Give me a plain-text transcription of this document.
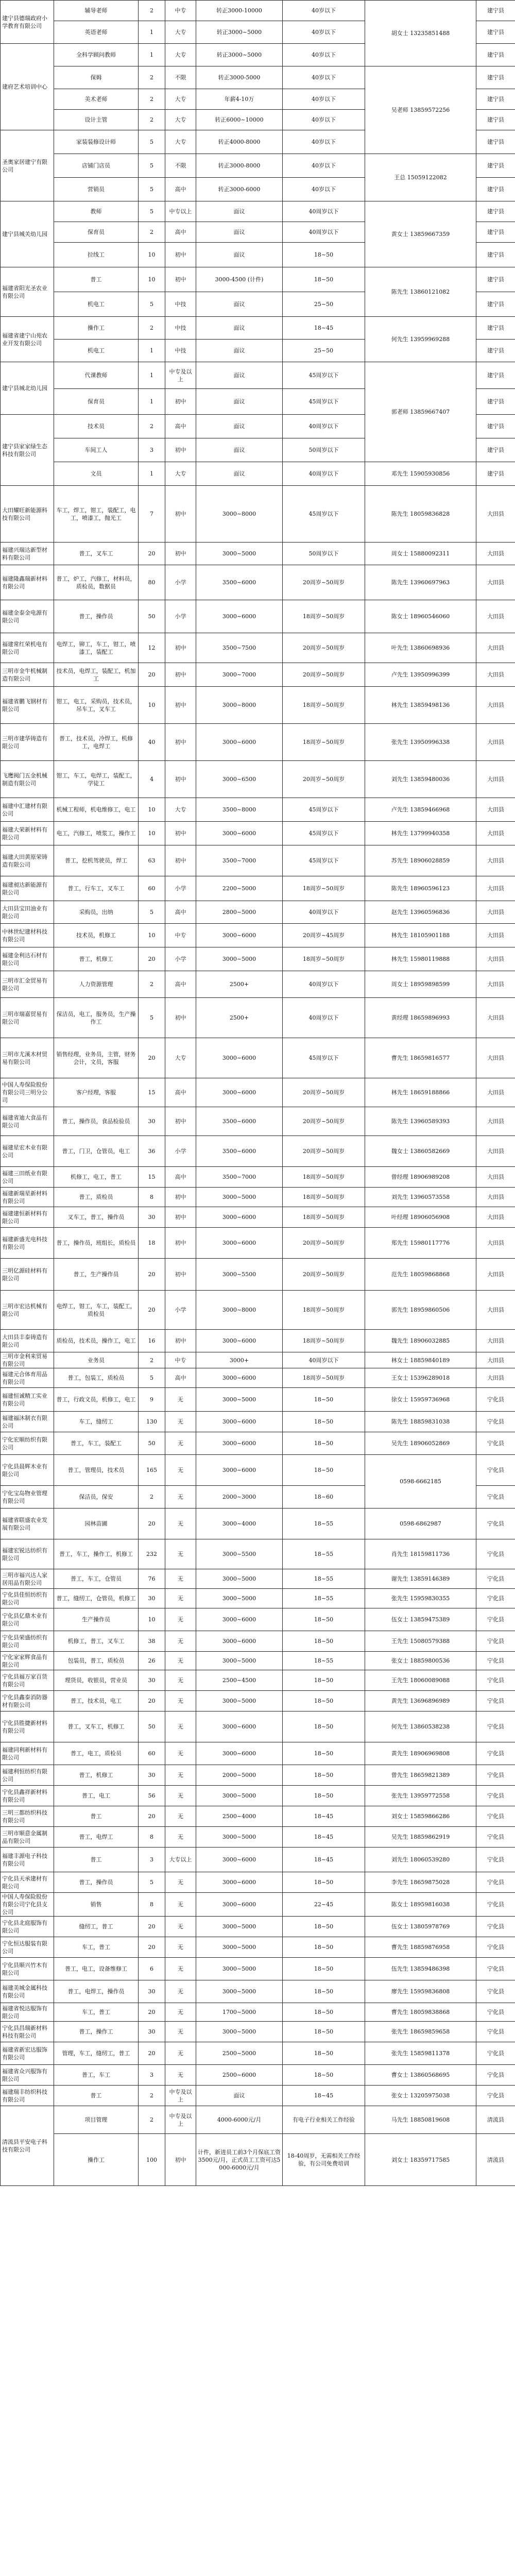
建宁县德瑞政府小学教育有限公司	辅导老师	2	中专	转正3000-10000	40岁以下	胡女士 13235851488	建宁县
	英语老师	1	大专	转正3000~5000	40岁以下		建宁县
建府艺术培训中心	全科学顾问教师	1	大专	转正3000~5000	40岁以下		建宁县
	保姆	2	不限	转正3000-5000	40岁以下	吴老师 13859572256	建宁县
	美术老师	2	大专	年薪4-10万	40岁以下		建宁县
	设计主管	2	大专	转正6000~10000	40岁以下		建宁县
圣奥家居建宁有限公司	家装装修设计师	5	大专	转正4000-8000	40岁以下		建宁县
	店铺门店员	5	不限	转正3000-8000	40岁以下	王总 15059122082	建宁县
	营销员	5	高中	转正3000-6000	40岁以下		建宁县
建宁县城关幼儿园	教师	5	中专以上	面议	40周岁以下	黄女士 13859667359	建宁县
	保育员	2	高中	面议	40周岁以下		建宁县
	拉线工	10	初中	面议	18~50		建宁县
福建省阳光圣农业有限公司	普工	10	初中	3000-4500 (计件)	18~50	陈先生 13860121082	建宁县
	机电工	5	中技	面议	25~50		建宁县
福建省建宁山苑农业开发有限公司	操作工	2	中技	面议	18~45	何先生 13959969288	建宁县
	机电工	1	中技	面议	25~50		建宁县
建宁县城北幼儿园	代课教师	1	中专及以上	面议	45周岁以下	郭老师 13859667407	建宁县
	保育员	1	初中	面议	45周岁以下		建宁县
建宁县家家绿生态科技有限公司	技术员	2	高中	面议	40周岁以下		建宁县
	车间工人	3	初中	面议	50周岁以下		建宁县
	文员	1	大专	面议	40周岁以下	邓先生 15905930856	建宁县
大田耀旺新能源科技有限公司	车工，焊工，钳工，装配工，电工，喷漆工，抛光工	7	初中	3000~8000	45周岁以下	陈先生 18059836828	大田县
福建兴瑞达新型材料有限公司	普工，叉车工	20	初中	3000~5000	50周岁以下	周女士 15880092311	大田县
福建隆鑫瑞新材料有限公司	普工，炉工，汽修工，材料员，质检员，数据员	80	小学	3500~6000	20周岁~50周岁	陈先生 13960697963	大田县
福建金泰金电源有限公司	普工，操作员	50	小学	3000~6000	18周岁~50周岁	陈女士 18960546060	大田县
福建常红荣机电有限公司	电焊工，铆工，车工，钳工，喷漆工，装配工	12	初中	3500~7500	20周岁~50周岁	叶先生 13860698936	大田县
三明市金牛机械制造有限公司	技术员，电焊工，装配工，机加工	20	初中	3000~7000	20周岁~50周岁	卢先生 13950996399	大田县
福建省鹏飞钢材有限公司	钳工，电工，采购员，技术员，吊车工，叉车工	10	初中	3000~8000	18周岁~50周岁	林先生 13859498136	大田县
三明市建华铸造有限公司	普工，技术员，冷焊工，机修工，电焊工	40	初中	3000~6000	18周岁~50周岁	张先生 13950996338	大田县
飞鹰阀门五金机械制造有限公司	钳工，车工，电焊工，装配工，学徒工	4	初中	3000~6500	20周岁~50周岁	刘先生 13859480036	大田县
福建中汇建材有限公司	机械工程师，机电维修工，电工	10	大专	3500~8000	45周岁以下	卢先生 13859466968	大田县
福建大荣新材料有限公司	电工，汽修工，喷浆工，操作工	10	初中	3000~6000	45周岁以下	林先生 13799940358	大田县
福建大田黄原荣铸造有限公司	普工，挖机驾驶员，焊工	63	初中	3500~7000	45周岁以下	苏先生 18906028859	大田县
福建昶达新能源有限公司	普工，行车工，叉车工	60	小学	2200~5000	18周岁~50周岁	陈先生 18960596123	大田县
大田县宝田油业有限公司	采购员，出纳	5	高中	2800~5000	40周岁以下	赵先生 13960596836	大田县
中林世纪建材科技有限公司	技术员，机修工	10	中专	3000~6000	20周岁~45周岁	林先生 18105901188	大田县
福建金利达石材有限公司	普工，机修工	20	小学	3000~5000	18周岁~50周岁	林先生 15980119888	大田县
三明市汇金贸易有限公司	人力资源管理	2	高中	2500+	40周岁以下	周女士 18959898599	大田县
三明市瑞嘉贸易有限公司	保洁员，电工，服务员，生产操作工	5	初中	2500+	40周岁以下	黄经理 18659896993	大田县
三明市尤溪木材贸易有限公司	销售经理，业务员，主管，财务会计，文员，客服	20	大专	3000~6000	45周岁以下	曹先生 18659816577	大田县
中国人寿保险股份有限公司三明分公司	客户经理，客服	15	高中	3000~6000	20周岁~50周岁	林先生 18659188866	大田县
福建省迪大食品有限公司	普工，操作员，食品检验员	30	初中	3500~6000	20周岁~50周岁	陈先生 13960589393	大田县
福建星宏木业有限公司	普工，门卫，仓管员，电工	36	小学	3500~6000	20周岁~50周岁	魏女士 13860582669	大田县
福建三田纸业有限公司	机修工，电工，普工	15	高中	3500~7000	18周岁~50周岁	曾经理 18906989208	大田县
福建新瑞星新材料有限公司	普工，质检员	8	初中	3000~5000	18周岁~50周岁	刘先生 13960573558	大田县
福建建恒新材料有限公司	叉车工，普工，操作员	30	初中	3000~6000	18周岁~50周岁	叶经理 18906056908	大田县
福建新盛光电科技有限公司	普工，操作员，班组长，质检员	18	初中	3000~6000	20周岁~50周岁	郑先生 15980117776	大田县
三明亿源硅材料有限公司	普工，生产操作员	20	初中	3000~5500	20周岁~50周岁	范先生 18059868868	大田县
三明市宏达机械有限公司	电焊工，钳工，车工，装配工，质检员	20	小学	3000~8000	18周岁~50周岁	郭先生 18959860506	大田县
大田县丰泰铸造有限公司	质检员，技术员，操作工，电工	16	初中	3000~6000	18周岁~50周岁	魏先生 18906032885	大田县
三明市金利来贸易有限公司	业务员	2	中专	3000+	40周岁以下	林女士 18859840189	大田县
福建元合体育用品有限公司	普工，包装工，质检员	5	高中	3000~6000	18周岁~50周岁	王女士 15396289018	大田县
福建恒诚精工实业有限公司	普工，行政文员，机修工，电工	9	无	3000~5000	18~50	徐女士 15959736968	宁化县
福建福沐制衣有限公司	车工，缝纫工	130	无	3000~6000	18~50	陈先生 18859831038	宁化县
宁化宏顺纺织有限公司	普工，车工，装配工	50	无	3000~6000	18~50	吴先生 18906052869	宁化县
宁化县晨辉木业有限公司	普工，管理员，技术员	165	无	3000~6000	18~50	0598-6662185	宁化县
宁化宝岛物业管理有限公司	保洁员，保安	2	无	2000~3000	18~60		宁化县
福建省联盛农业发展有限公司	园林苗圃	20	无	3000~4000	18~55	0598-6862987	宁化县
福建宏锐达纺织有限公司	普工，车工，操作工，机修工	232	无	3000~5500	18~55	肖先生 18159811736	宁化县
三明市福兴达人家居用品有限公司	普工，车工，仓管员	76	无	3000~5000	18~55	谢先生 13859146389	宁化县
宁化县佳恒纺织有限公司	普工，缝纫工，仓管员，机修工	30	无	3000~5000	18~55	张先生 15959830355	宁化县
宁化县亿鼎木业有限公司	生产操作员	10	无	3000~6000	18~50	伍女士 13859475389	宁化县
宁化县荣盛纺织有限公司	机修工，普工，叉车工	38	无	3000~6000	18~50	王先生 15080579388	宁化县
宁化家家辉食品有限公司	包装员，普工，质检员	26	无	3000~5000	18~55	张女士 18859800536	宁化县
宁化县福万家百货有限公司	理货员，收银员，营业员	30	无	2500~4500	18~50	王先生 18060089088	宁化县
宁化县鑫泰消防器材有限公司	普工，技术员，电工	20	无	3000~5000	18~50	黄先生 13696896989	宁化县
宁化县胜捷新材料有限公司	普工，叉车工，机修工	50	无	3000~6000	18~50	何先生 13860538238	宁化县
福建同利新材料有限公司	普工，电工，质检员	60	无	3000~6000	18~50	黄先生 18906969808	宁化县
福建利恒纺织有限公司	普工，机修工	30	无	2000~5000	18~50	曾先生 18659821389	宁化县
宁化县鑫祥新材料有限公司	普工，电工	56	无	3000~5000	18~50	张先生 13959772558	宁化县
三明三都纺织科技有限公司	普工	20	无	2500~4000	18~45	刘女士 15859866286	宁化县
三明市顺意金属制品有限公司	普工，电焊工	8	无	3000~5000	18~45	吴先生 18859862919	宁化县
福建丰源电子科技有限公司	普工	3	大专以上	3000~6000	18~45	刘先生 18060539280	宁化县
宁化县天承建材有限公司	普工，操作员	5	无	3000~6000	18~50	李先生 18659875028	宁化县
中国人寿保险股份有限公司宁化县支公司	销售	8	无	3000~6000	22~45	陈女士 18959816038	宁化县
宁化县北庭服饰有限公司	缝纫工，普工	20	无	3000~5000	18~50	伍女士 13805978769	宁化县
宁化恒达服装有限公司	车工，普工	20	无	3000~5000	18~50	曹先生 18859876958	宁化县
宁化县顺兴竹木有限公司	普工，电工，设备维修工	6	无	3000~5000	18~50	伍先生 13859486398	宁化县
福建美城金属科技有限公司	普工，电焊工，操作员	30	无	3000~5000	18~50	廖先生 15959836808	宁化县
福建省悦达服饰有限公司	车工，普工	20	无	1700~5000	18~50	曹先生 18059838868	宁化县
宁化县昌瑞新材料科技有限公司	普工，操作工	30	无	3000~5000	18~50	张先生 18659859658	宁化县
福建省新宏达服饰有限公司	管理，车工，缝纫工，普工	20	无	2500~5000	18~50	张先生 15859811378	宁化县
福建省众兴服饰有限公司	普工，车工	3	无	2500~6000	18~50	曹女士 13860568695	宁化县
福建瑞丰纺织科技有限公司	普工	2	中专及以上	面议	18~45	张女士 13205975038	宁化县
清流县平安电子科技有限公司	项目管理	2	中专及以上	4000-6000元/月	有电子行业相关工作经验	马先生 18850819608	清流县
	操作工	100	初中	计件，新进员工前3个月保底工资3500元/月，正式员工工资可达5000-6000元/月	18-40周岁，无需相关工作经验，有公司免费培训	刘女士 18359717585	清流县
